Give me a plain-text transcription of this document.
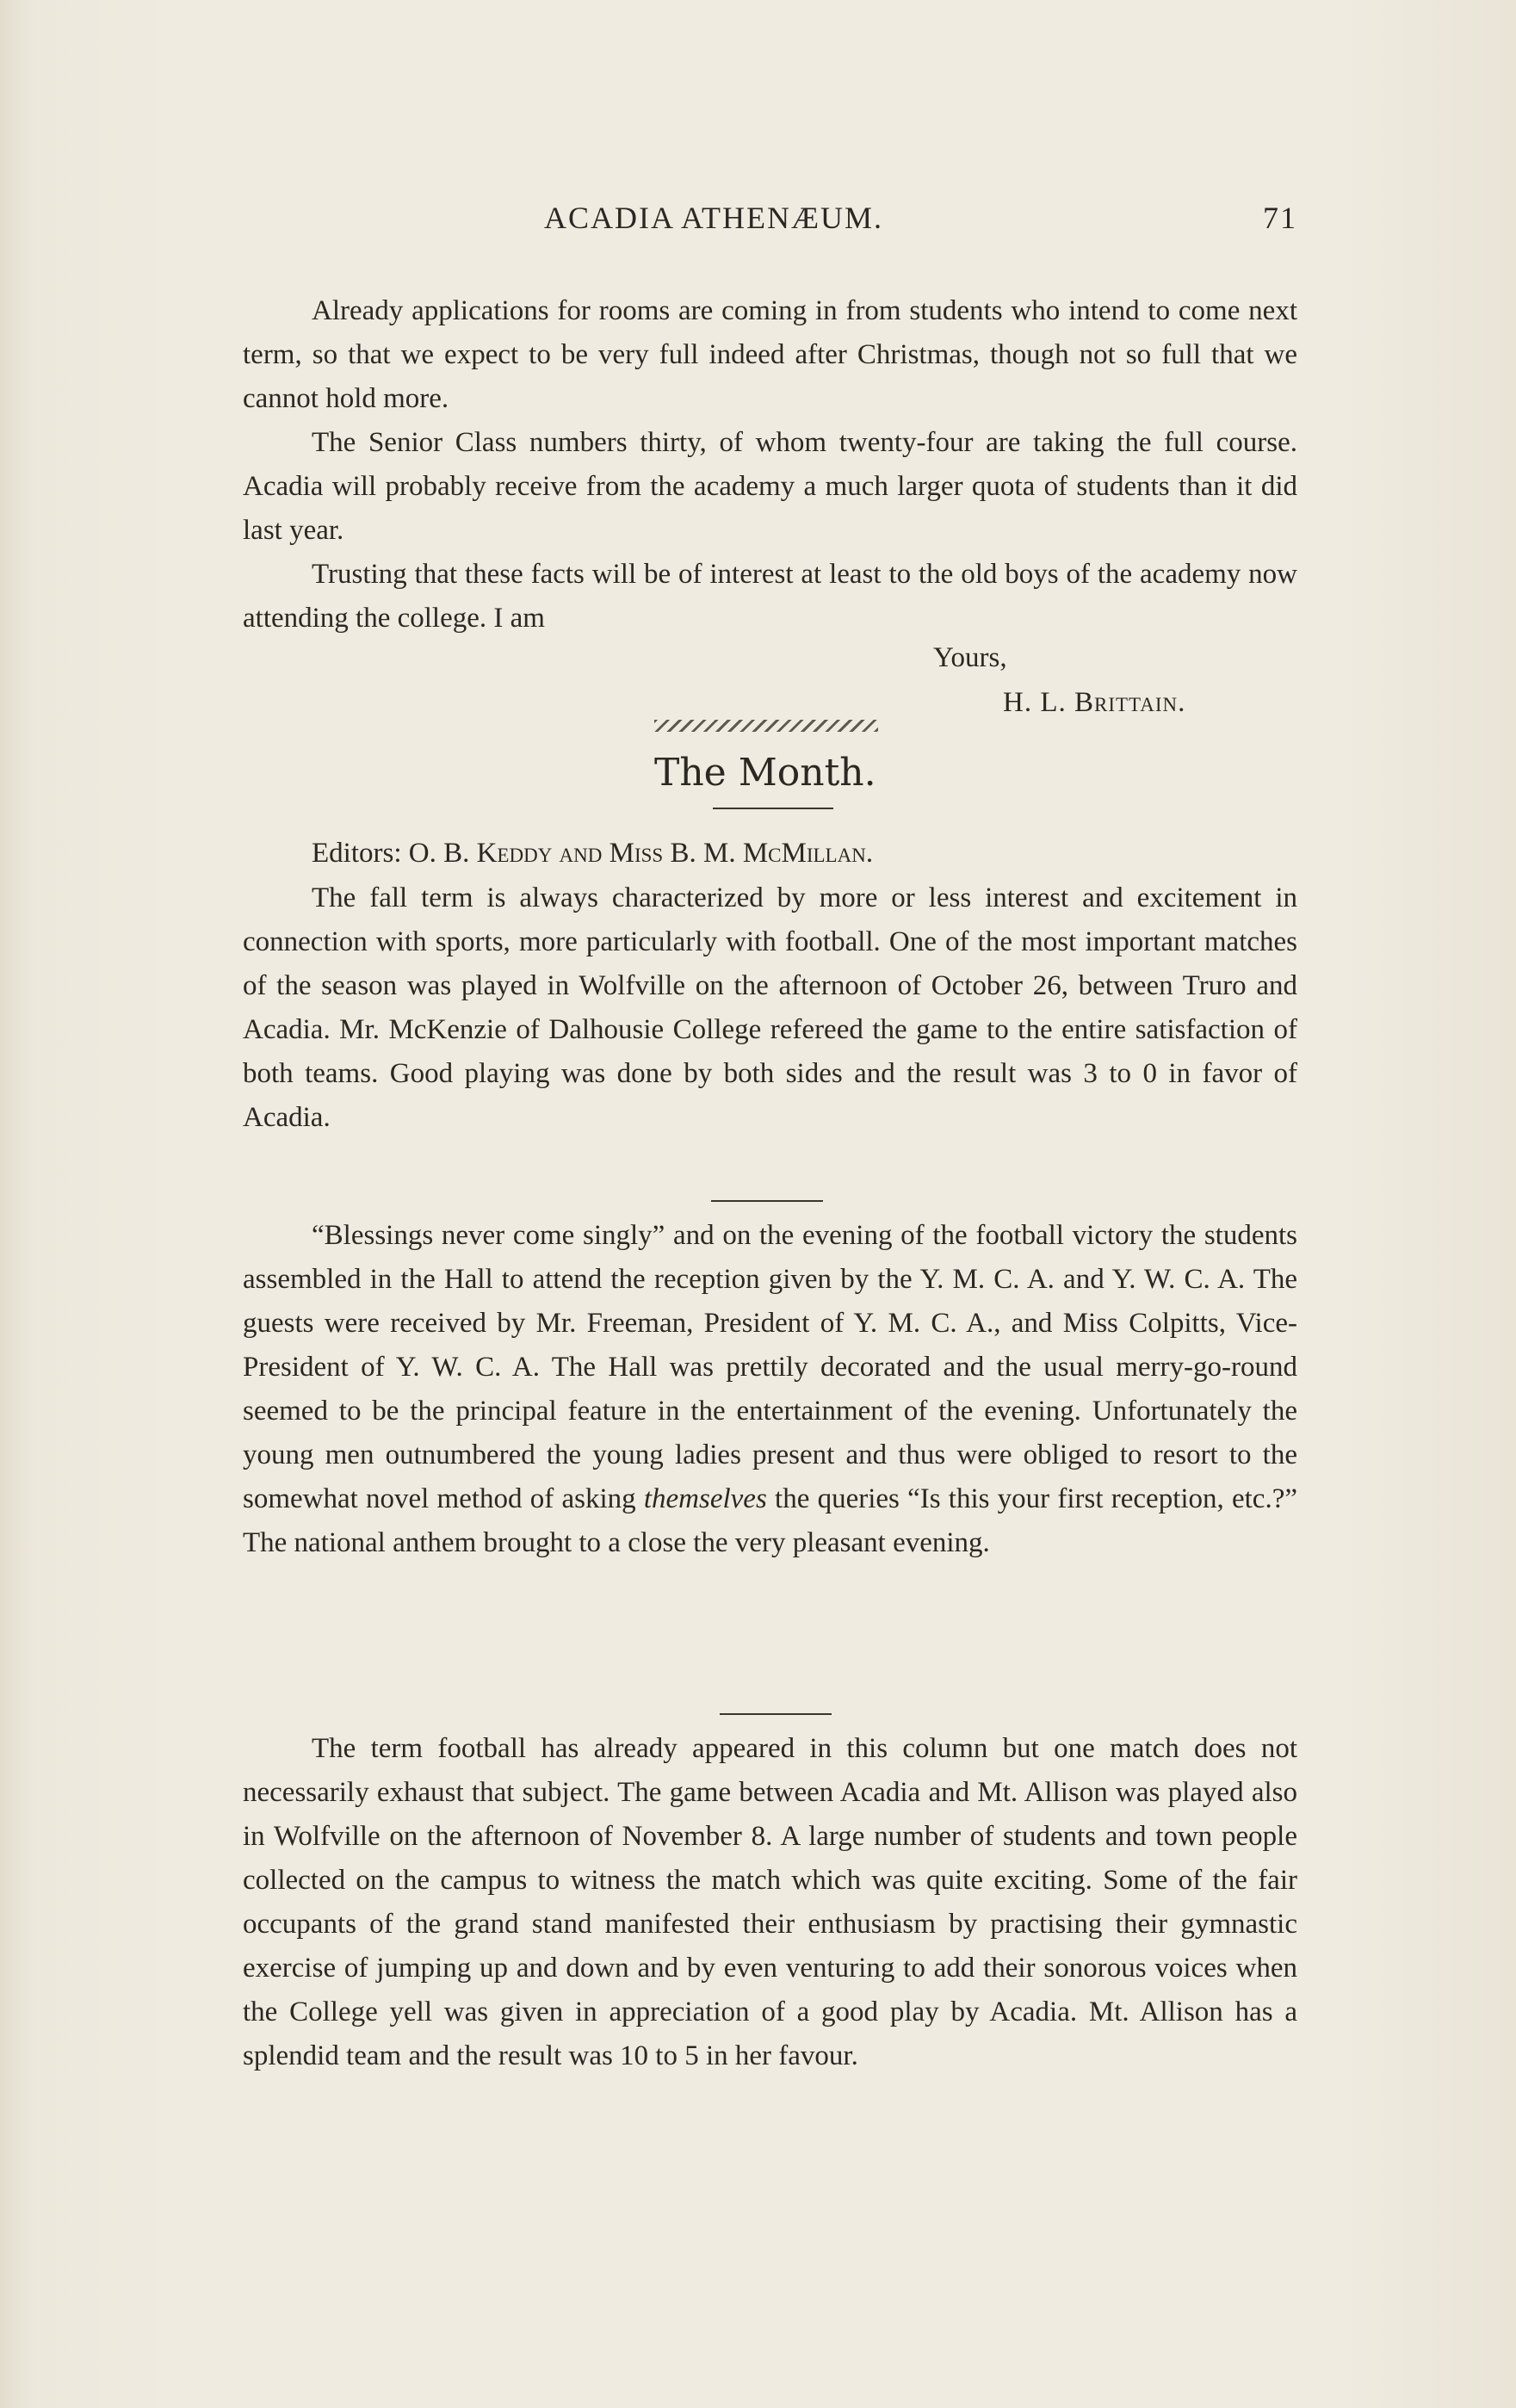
ACADIA ATHENÆUM.	71

Already applications for rooms are coming in from students who intend to come next term, so that we expect to be very full indeed after Christmas, though not so full that we cannot hold more.

The Senior Class numbers thirty, of whom twenty-four are taking the full course. Acadia will probably receive from the academy a much larger quota of students than it did last year.

Trusting that these facts will be of interest at least to the old boys of the academy now attending the college. I am

Yours,
H. L. Brittain.
The Month.

Editors: O. B. Keddy and Miss B. M. McMillan.

The fall term is always characterized by more or less interest and excitement in connection with sports, more particularly with football. One of the most important matches of the season was played in Wolfville on the afternoon of October 26, between Truro and Acadia. Mr. McKenzie of Dalhousie College refereed the game to the entire satisfaction of both teams. Good playing was done by both sides and the result was 3 to 0 in favor of Acadia.

“Blessings never come singly” and on the evening of the football victory the students assembled in the Hall to attend the reception given by the Y. M. C. A. and Y. W. C. A. The guests were received by Mr. Freeman, President of Y. M. C. A., and Miss Colpitts, Vice-President of Y. W. C. A. The Hall was prettily decorated and the usual merry-go-round seemed to be the principal feature in the entertainment of the evening. Unfortunately the young men outnumbered the young ladies present and thus were obliged to resort to the somewhat novel method of asking themselves the queries “Is this your first reception, etc.?” The national anthem brought to a close the very pleasant evening.

The term football has already appeared in this column but one match does not necessarily exhaust that subject. The game between Acadia and Mt. Allison was played also in Wolfville on the afternoon of November 8. A large number of students and town people collected on the campus to witness the match which was quite exciting. Some of the fair occupants of the grand stand manifested their enthusiasm by practising their gymnastic exercise of jumping up and down and by even venturing to add their sonorous voices when the College yell was given in appreciation of a good play by Acadia. Mt. Allison has a splendid team and the result was 10 to 5 in her favour.
